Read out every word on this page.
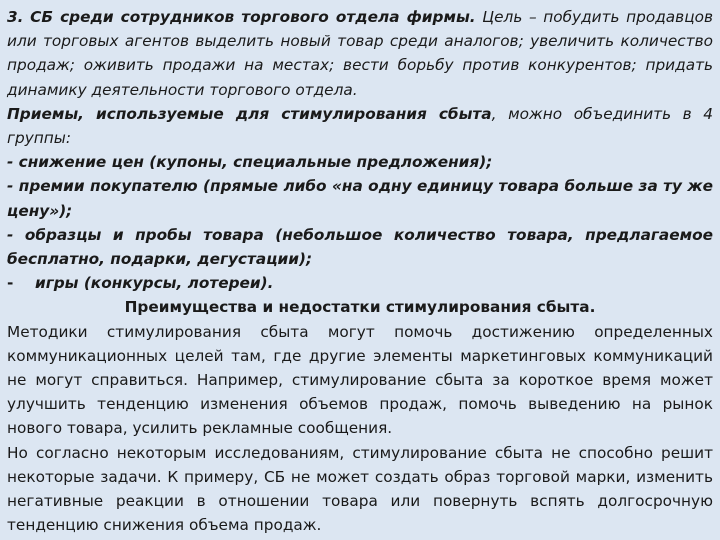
3. СБ среди сотрудников торгового отдела фирмы. Цель – побудить продавцов или торговых агентов выделить новый товар среди аналогов; увеличить количество продаж; оживить продажи на местах; вести борьбу против конкурентов; придать динамику деятельности торгового отдела.

Приемы, используемые для стимулирования сбыта, можно объединить в 4 группы:

- снижение цен (купоны, специальные предложения);

- премии покупателю (прямые либо «на одну единицу товара больше за ту же цену»);

- образцы и пробы товара (небольшое количество товара, предлагаемое бесплатно, подарки, дегустации);

-	игры (конкурсы, лотереи).

Преимущества и недостатки стимулирования сбыта.

Методики стимулирования сбыта могут помочь достижению определенных коммуникационных целей там, где другие элементы маркетинговых коммуникаций не могут справиться. Например, стимулирование сбыта за короткое время может улучшить тенденцию изменения объемов продаж, помочь выведению на рынок нового товара, усилить рекламные сообщения.

Но согласно некоторым исследованиям, стимулирование сбыта не способно решит некоторые задачи. К примеру, СБ не может создать образ торговой марки, изменить негативные реакции в отношении товара или повернуть вспять долгосрочную тенденцию снижения объема продаж.
